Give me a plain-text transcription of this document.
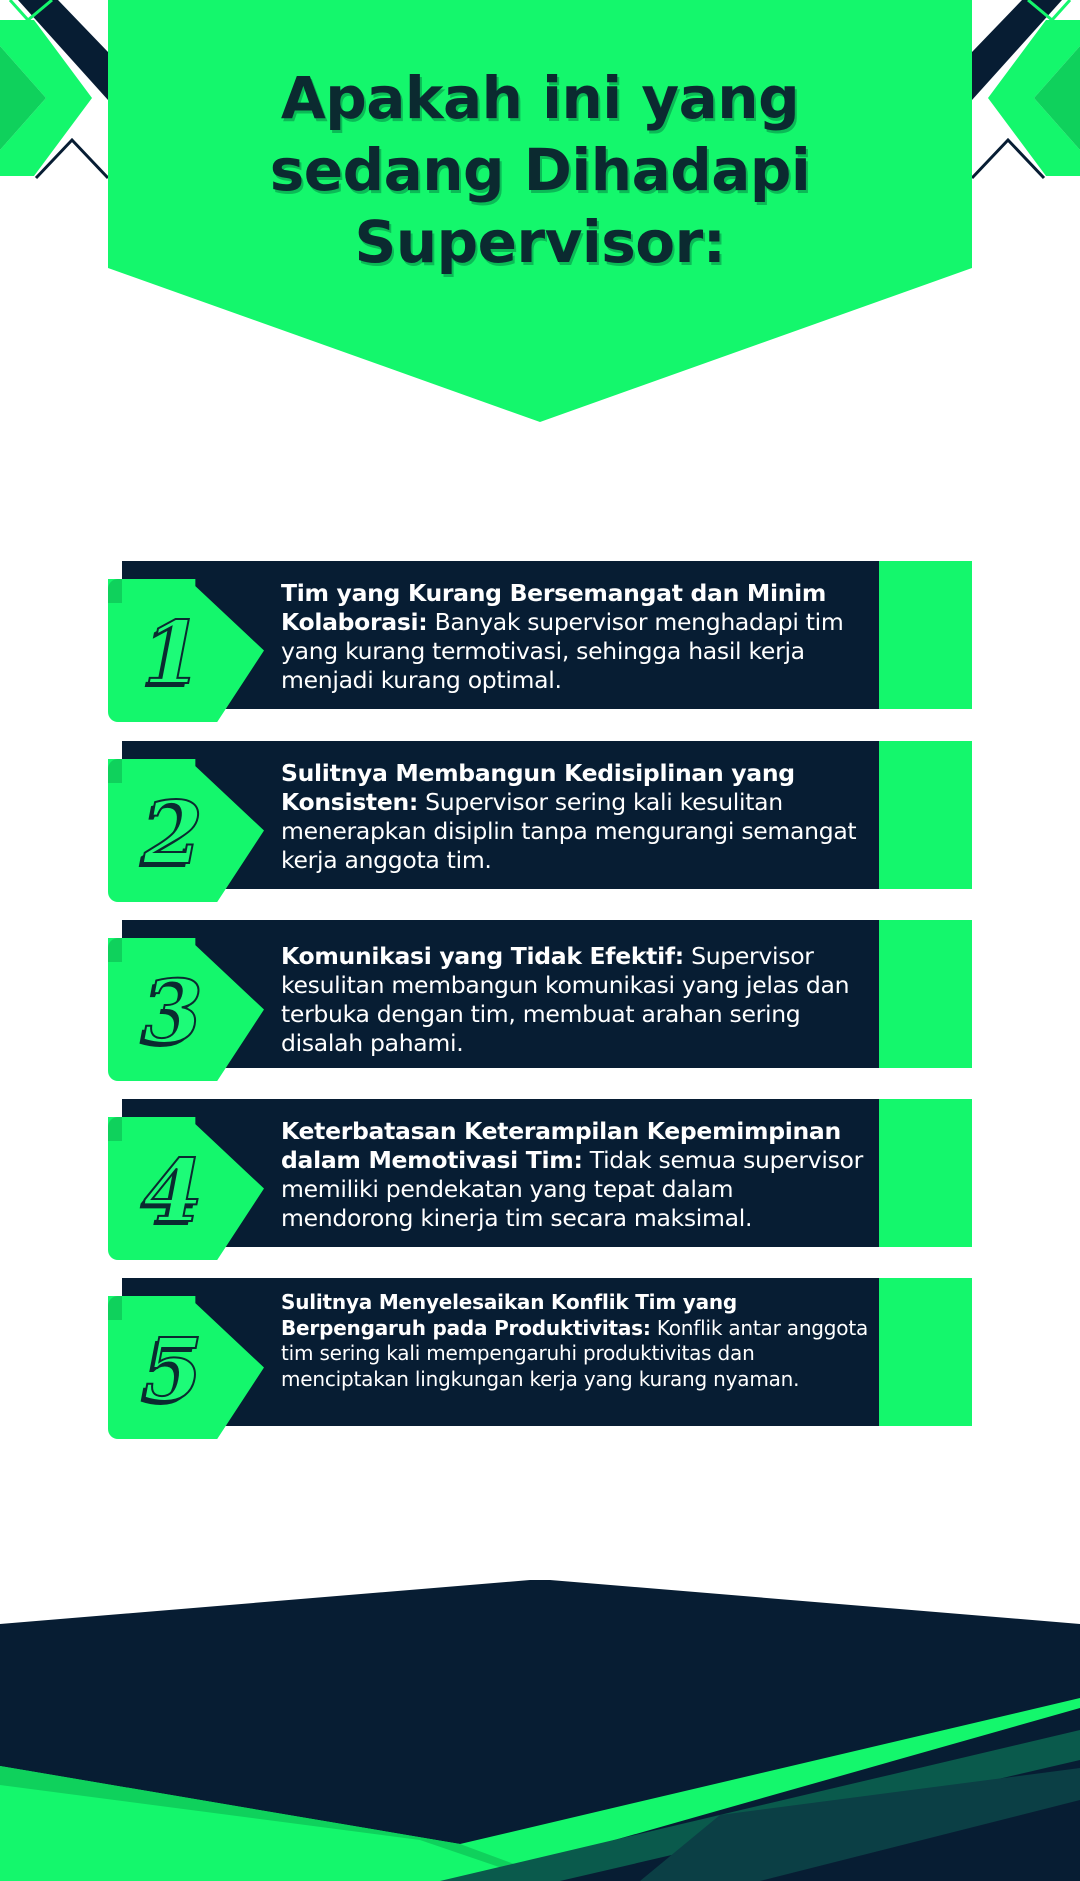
Apakah ini yang sedang Dihadapi Supervisor:
1

Tim yang Kurang Bersemangat dan Minim Kolaborasi: Banyak supervisor menghadapi tim yang kurang termotivasi, sehingga hasil kerja menjadi kurang optimal.

2

Sulitnya Membangun Kedisiplinan yang Konsisten: Supervisor sering kali kesulitan menerapkan disiplin tanpa mengurangi semangat kerja anggota tim.

3

Komunikasi yang Tidak Efektif: Supervisor kesulitan membangun komunikasi yang jelas dan terbuka dengan tim, membuat arahan sering disalah pahami.

4

Keterbatasan Keterampilan Kepemimpinan dalam Memotivasi Tim: Tidak semua supervisor memiliki pendekatan yang tepat dalam mendorong kinerja tim secara maksimal.

5

Sulitnya Menyelesaikan Konflik Tim yang Berpengaruh pada Produktivitas: Konflik antar anggota tim sering kali mempengaruhi produktivitas dan menciptakan lingkungan kerja yang kurang nyaman.
